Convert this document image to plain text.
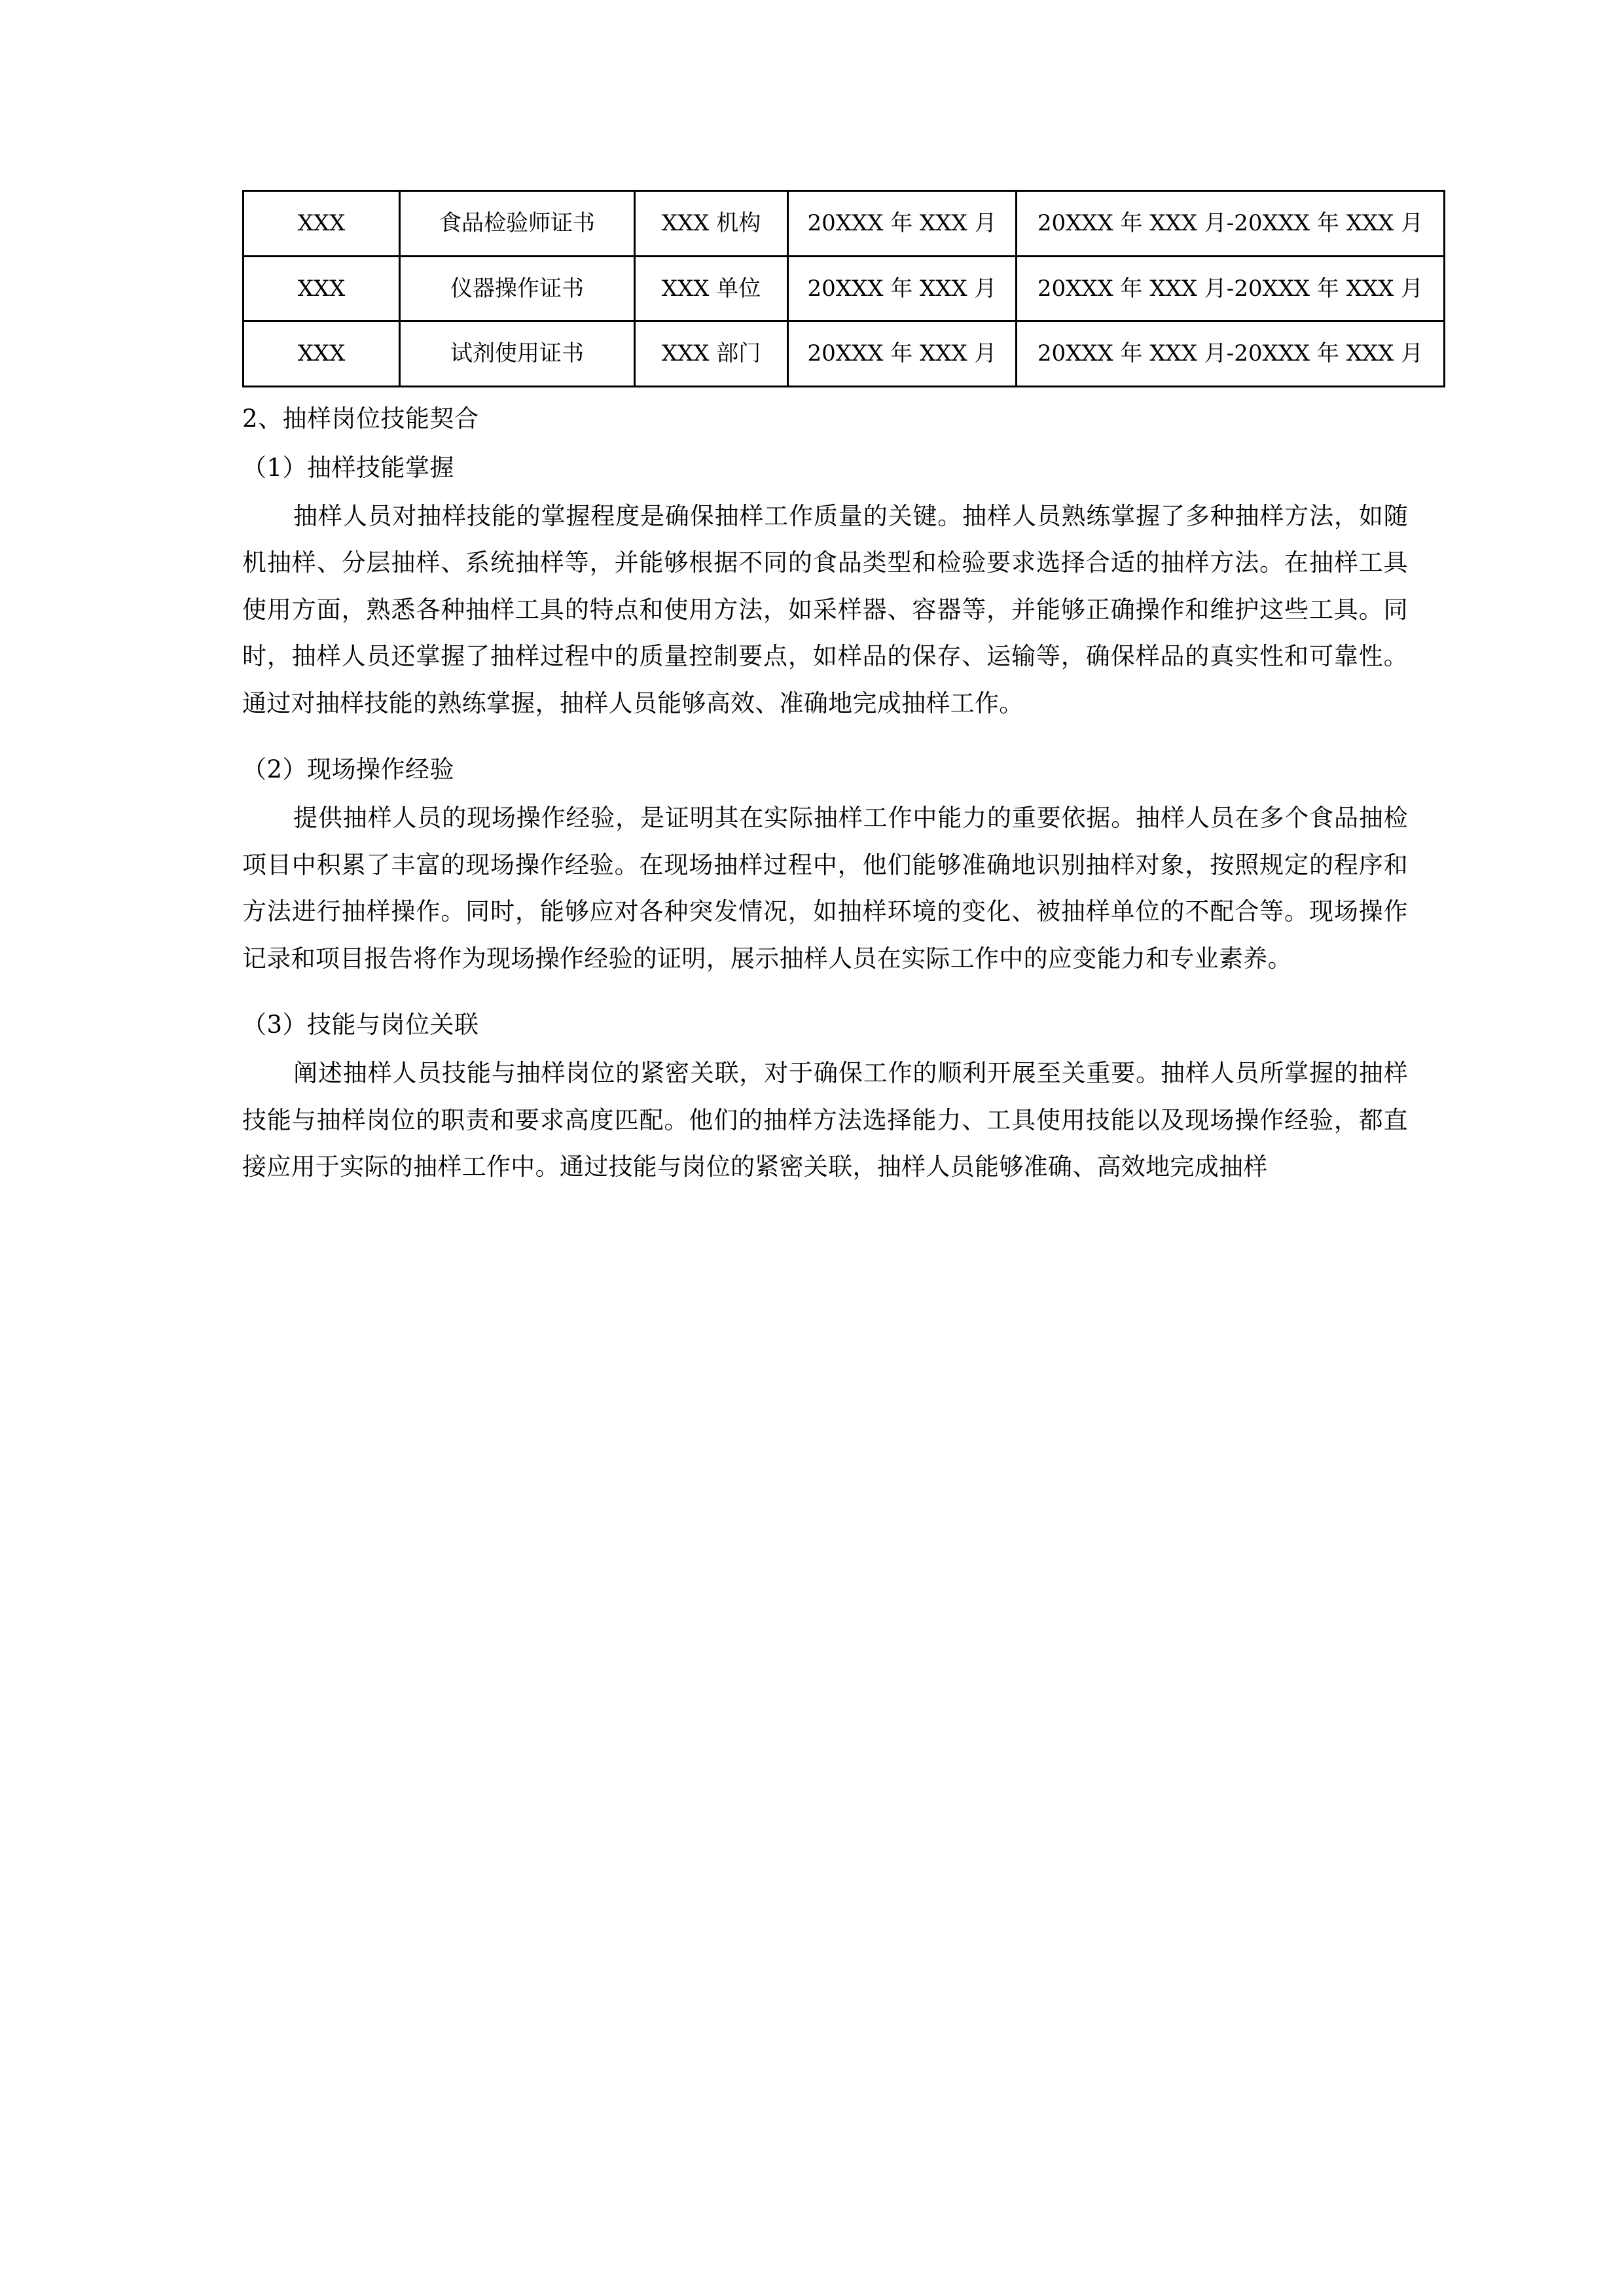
XXX	食品检验师证书	XXX 机构	20XXX 年 XXX 月	20XXX 年 XXX 月-20XXX 年 XXX 月
XXX	仪器操作证书	XXX 单位	20XXX 年 XXX 月	20XXX 年 XXX 月-20XXX 年 XXX 月
XXX	试剂使用证书	XXX 部门	20XXX 年 XXX 月	20XXX 年 XXX 月-20XXX 年 XXX 月
2、抽样岗位技能契合
（1）抽样技能掌握

抽样人员对抽样技能的掌握程度是确保抽样工作质量的关键。抽样人员熟练掌握了多种抽样方法，如随机抽样、分层抽样、系统抽样等，并能够根据不同的食品类型和检验要求选择合适的抽样方法。在抽样工具使用方面，熟悉各种抽样工具的特点和使用方法，如采样器、容器等，并能够正确操作和维护这些工具。同时，抽样人员还掌握了抽样过程中的质量控制要点，如样品的保存、运输等，确保样品的真实性和可靠性。通过对抽样技能的熟练掌握，抽样人员能够高效、准确地完成抽样工作。

（2）现场操作经验

提供抽样人员的现场操作经验，是证明其在实际抽样工作中能力的重要依据。抽样人员在多个食品抽检项目中积累了丰富的现场操作经验。在现场抽样过程中，他们能够准确地识别抽样对象，按照规定的程序和方法进行抽样操作。同时，能够应对各种突发情况，如抽样环境的变化、被抽样单位的不配合等。现场操作记录和项目报告将作为现场操作经验的证明，展示抽样人员在实际工作中的应变能力和专业素养。

（3）技能与岗位关联

阐述抽样人员技能与抽样岗位的紧密关联，对于确保工作的顺利开展至关重要。抽样人员所掌握的抽样技能与抽样岗位的职责和要求高度匹配。他们的抽样方法选择能力、工具使用技能以及现场操作经验，都直接应用于实际的抽样工作中。通过技能与岗位的紧密关联，抽样人员能够准确、高效地完成抽样
